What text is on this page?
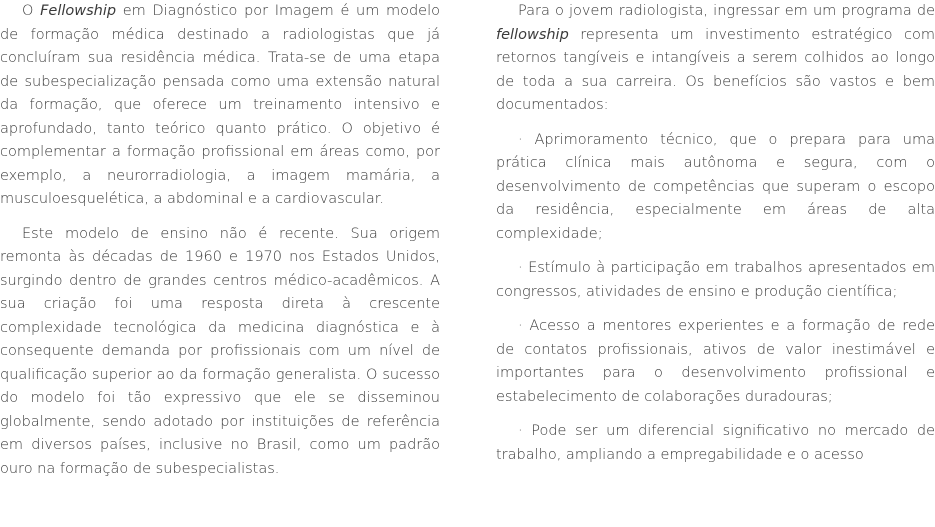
O Fellowship em Diagnóstico por Imagem é um modelo de formação médica destinado a radiologistas que já concluíram sua residência médica. Trata-se de uma etapa de subespecialização pensada como uma extensão natural da formação, que oferece um treinamento intensivo e aprofundado, tanto teórico quanto prático. O objetivo é complementar a formação profissional em áreas como, por exemplo, a neurorradiologia, a imagem mamária, a musculoesquelética, a abdominal e a cardiovascular.

Este modelo de ensino não é recente. Sua origem remonta às décadas de 1960 e 1970 nos Estados Unidos, surgindo dentro de grandes centros médico-acadêmicos. A sua criação foi uma resposta direta à crescente complexidade tecnológica da medicina diagnóstica e à consequente demanda por profissionais com um nível de qualificação superior ao da formação generalista. O sucesso do modelo foi tão expressivo que ele se disseminou globalmente, sendo adotado por instituições de referência em diversos países, inclusive no Brasil, como um padrão ouro na formação de subespecialistas.

Para o jovem radiologista, ingressar em um programa de fellowship representa um investimento estratégico com retornos tangíveis e intangíveis a serem colhidos ao longo de toda a sua carreira. Os benefícios são vastos e bem documentados:

· Aprimoramento técnico, que o prepara para uma prática clínica mais autônoma e segura, com o desenvolvimento de competências que superam o escopo da residência, especialmente em áreas de alta complexidade;

· Estímulo à participação em trabalhos apresentados em congressos, atividades de ensino e produção científica;

· Acesso a mentores experientes e a formação de rede de contatos profissionais, ativos de valor inestimável e importantes para o desenvolvimento profissional e estabelecimento de colaborações duradouras;

· Pode ser um diferencial significativo no mercado de trabalho, ampliando a empregabilidade e o acesso
